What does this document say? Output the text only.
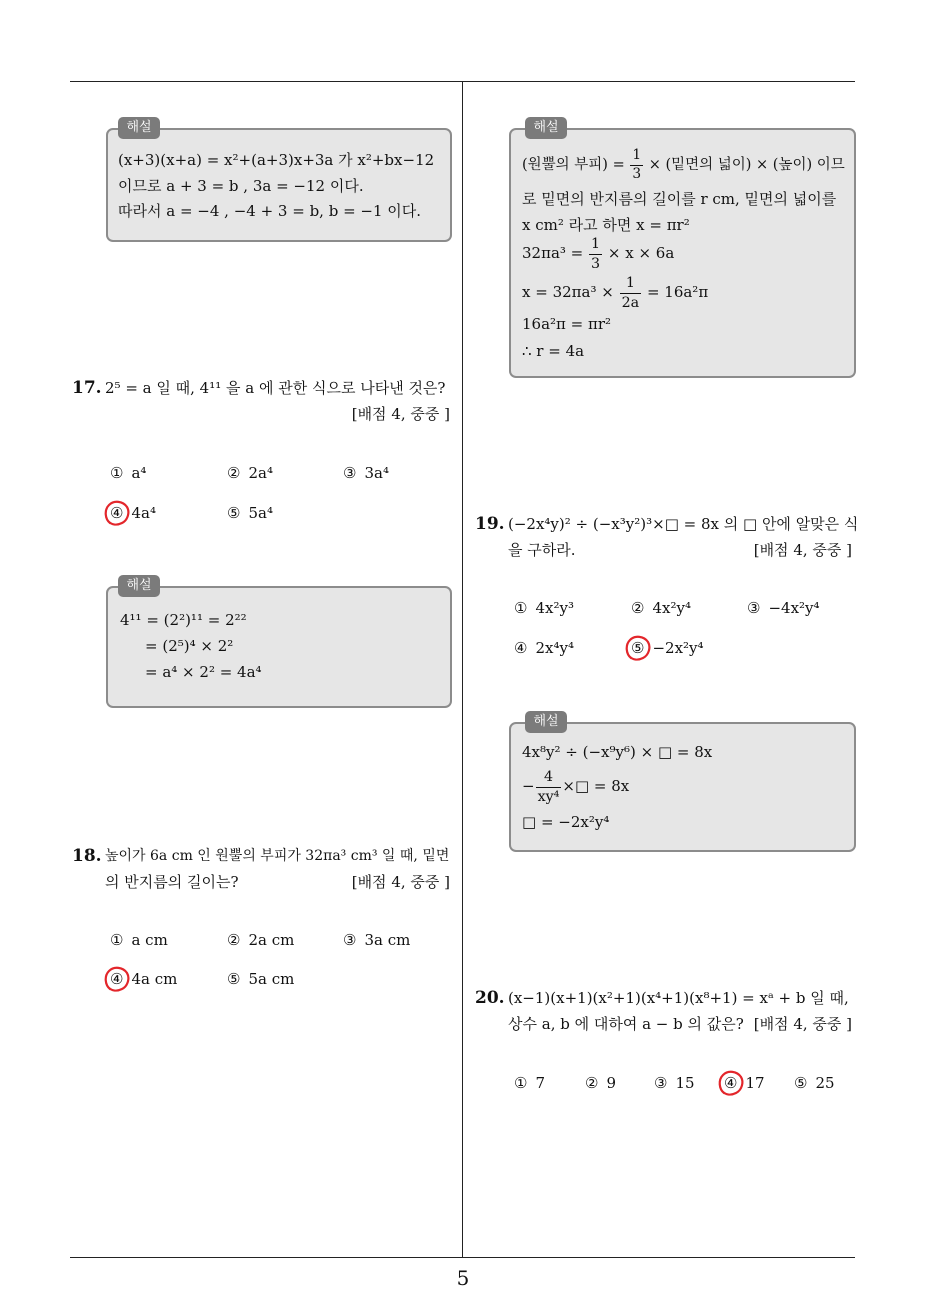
해설
(x+3)(x+a) = x²+(a+3)x+3a 가 x²+bx−12
이므로 a + 3 = b , 3a = −12 이다.
따라서 a = −4 , −4 + 3 = b, b = −1 이다.
17. 2⁵ = a 일 때, 4¹¹ 을 a 에 관한 식으로 나타낸 것은?
[배점 4, 중중 ]
① a⁴	② 2a⁴	③ 3a⁴
④ 4a⁴	⑤ 5a⁴
해설
4¹¹ = (2²)¹¹ = 2²²
= (2⁵)⁴ × 2²
= a⁴ × 2² = 4a⁴
18. 높이가 6a cm 인 원뿔의 부피가 32πa³ cm³ 일 때, 밑면
의 반지름의 길이는?	[배점 4, 중중 ]
① a cm	② 2a cm	③ 3a cm
④ 4a cm	⑤ 5a cm
해설
(원뿔의 부피) = $\frac{1}{3}$ × (밑면의 넓이) × (높이) 이므
로 밑면의 반지름의 길이를 r cm, 밑면의 넓이를
x cm² 라고 하면 x = πr²
$32\pi a^3 = \frac{1}{3} \times x \times 6a$
$x = 32\pi a^3 \times \frac{1}{2a} = 16a^2\pi$
16a²π = πr²
∴ r = 4a
19. (−2x⁴y)² ÷ (−x³y²)³×□ = 8x 의 □ 안에 알맞은 식
을 구하라.	[배점 4, 중중 ]
① 4x²y³	② 4x²y⁴	③ −4x²y⁴
④ 2x⁴y⁴	⑤ −2x²y⁴
해설
4x⁸y² ÷ (−x⁹y⁶) × □ = 8x
− $\frac{4}{\text{xy⁴}}$ ×□ = 8x
□ = −2x²y⁴
20. (x−1)(x+1)(x²+1)(x⁴+1)(x⁸+1) = xᵃ + b 일 때,
상수 a, b 에 대하여 a − b 의 값은? [배점 4, 중중 ]
① 7	② 9	③ 15 ④ 17 ⑤ 25
5
